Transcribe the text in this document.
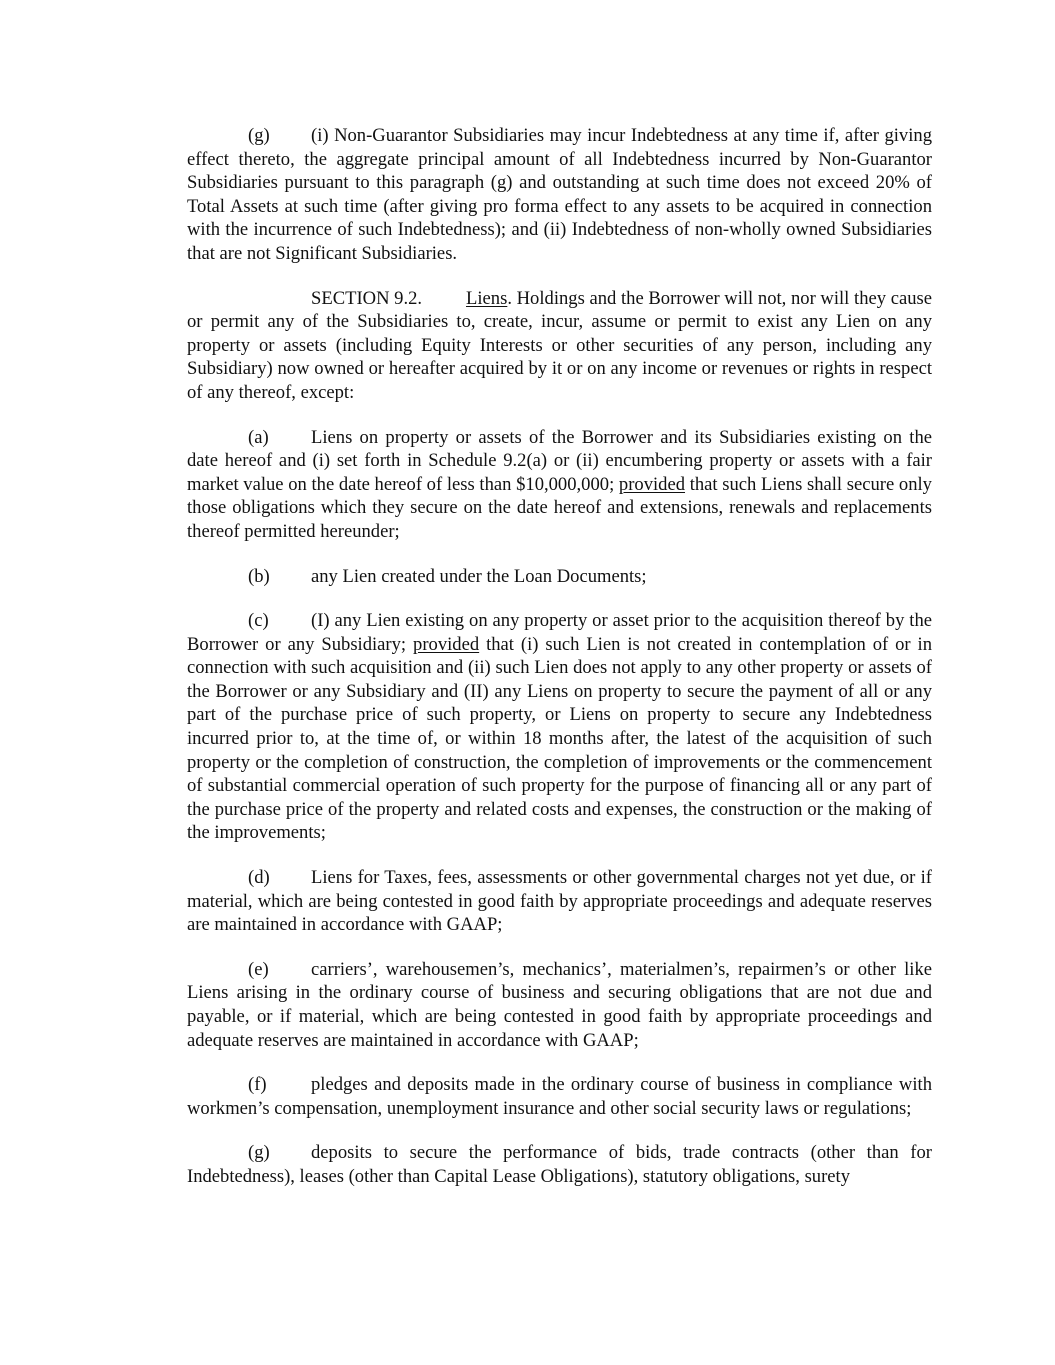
(g) (i) Non-Guarantor Subsidiaries may incur Indebtedness at any time if, after giving effect thereto, the aggregate principal amount of all Indebtedness incurred by Non-Guarantor Subsidiaries pursuant to this paragraph (g) and outstanding at such time does not exceed 20% of Total Assets at such time (after giving pro forma effect to any assets to be acquired in connection with the incurrence of such Indebtedness); and (ii) Indebtedness of non-wholly owned Subsidiaries that are not Significant Subsidiaries.

SECTION 9.2. Liens. Holdings and the Borrower will not, nor will they cause or permit any of the Subsidiaries to, create, incur, assume or permit to exist any Lien on any property or assets (including Equity Interests or other securities of any person, including any Subsidiary) now owned or hereafter acquired by it or on any income or revenues or rights in respect of any thereof, except:

(a) Liens on property or assets of the Borrower and its Subsidiaries existing on the date hereof and (i) set forth in Schedule 9.2(a) or (ii) encumbering property or assets with a fair market value on the date hereof of less than $10,000,000; provided that such Liens shall secure only those obligations which they secure on the date hereof and extensions, renewals and replacements thereof permitted hereunder;

(b) any Lien created under the Loan Documents;

(c) (I) any Lien existing on any property or asset prior to the acquisition thereof by the Borrower or any Subsidiary; provided that (i) such Lien is not created in contemplation of or in connection with such acquisition and (ii) such Lien does not apply to any other property or assets of the Borrower or any Subsidiary and (II) any Liens on property to secure the payment of all or any part of the purchase price of such property, or Liens on property to secure any Indebtedness incurred prior to, at the time of, or within 18 months after, the latest of the acquisition of such property or the completion of construction, the completion of improvements or the commencement of substantial commercial operation of such property for the purpose of financing all or any part of the purchase price of the property and related costs and expenses, the construction or the making of the improvements;

(d) Liens for Taxes, fees, assessments or other governmental charges not yet due, or if material, which are being contested in good faith by appropriate proceedings and adequate reserves are maintained in accordance with GAAP;

(e) carriers’, warehousemen’s, mechanics’, materialmen’s, repairmen’s or other like Liens arising in the ordinary course of business and securing obligations that are not due and payable, or if material, which are being contested in good faith by appropriate proceedings and adequate reserves are maintained in accordance with GAAP;

(f) pledges and deposits made in the ordinary course of business in compliance with workmen’s compensation, unemployment insurance and other social security laws or regulations;

(g) deposits to secure the performance of bids, trade contracts (other than for Indebtedness), leases (other than Capital Lease Obligations), statutory obligations, surety
